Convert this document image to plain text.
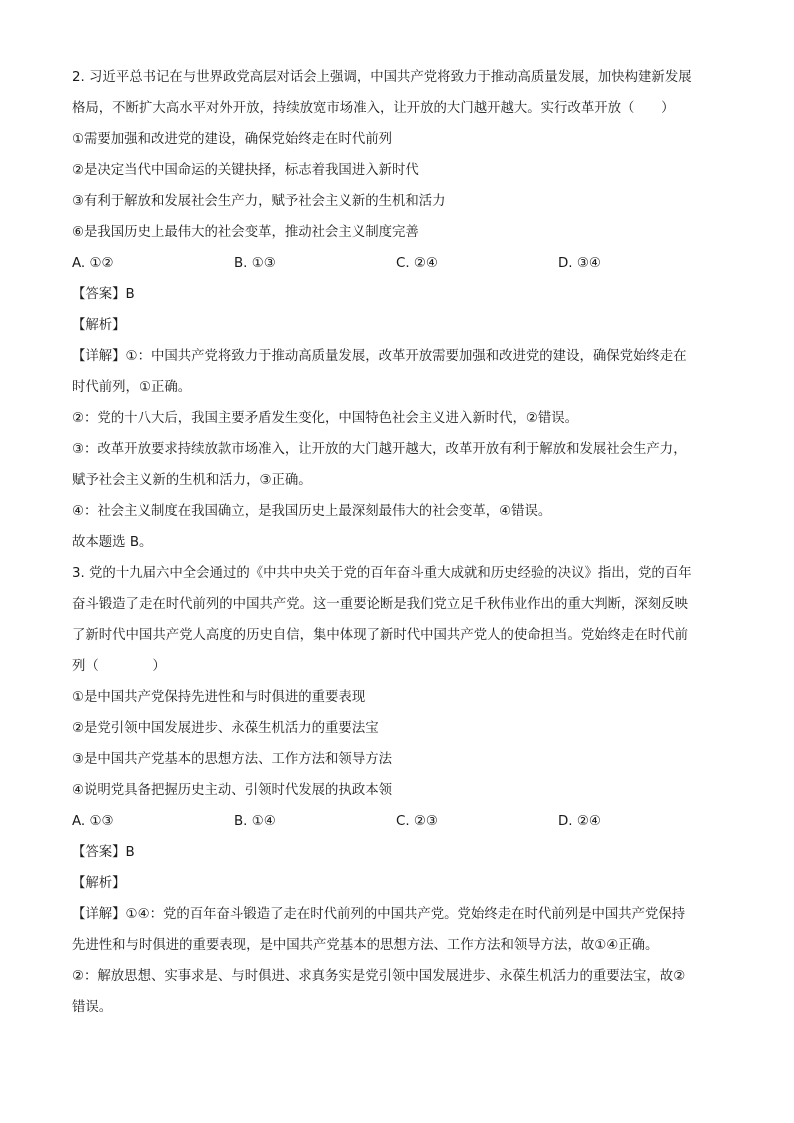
2. 习近平总书记在与世界政党高层对话会上强调，中国共产党将致力于推动高质量发展，加快构建新发展
格局，不断扩大高水平对外开放，持续放宽市场准入，让开放的大门越开越大。实行改革开放（　　）
①需要加强和改进党的建设，确保党始终走在时代前列
②是决定当代中国命运的关键抉择，标志着我国进入新时代
③有利于解放和发展社会生产力，赋予社会主义新的生机和活力
⑥是我国历史上最伟大的社会变革，推动社会主义制度完善
A. ①②	B. ①③	C. ②④	D. ③④
【答案】B
【解析】
【详解】①：中国共产党将致力于推动高质量发展，改革开放需要加强和改进党的建设，确保党始终走在
时代前列，①正确。
②：党的十八大后，我国主要矛盾发生变化，中国特色社会主义进入新时代，②错误。
③：改革开放要求持续放款市场准入，让开放的大门越开越大，改革开放有利于解放和发展社会生产力，
赋予社会主义新的生机和活力，③正确。
④：社会主义制度在我国确立，是我国历史上最深刻最伟大的社会变革，④错误。
故本题选 B。
3. 党的十九届六中全会通过的《中共中央关于党的百年奋斗重大成就和历史经验的决议》指出，党的百年
奋斗锻造了走在时代前列的中国共产党。这一重要论断是我们党立足千秋伟业作出的重大判断，深刻反映
了新时代中国共产党人高度的历史自信，集中体现了新时代中国共产党人的使命担当。党始终走在时代前
列（　　　　）
①是中国共产党保持先进性和与时俱进的重要表现
②是党引领中国发展进步、永葆生机活力的重要法宝
③是中国共产党基本的思想方法、工作方法和领导方法
④说明党具备把握历史主动、引领时代发展的执政本领
A. ①③	B. ①④	C. ②③	D. ②④
【答案】B
【解析】
【详解】①④：党的百年奋斗锻造了走在时代前列的中国共产党。党始终走在时代前列是中国共产党保持
先进性和与时俱进的重要表现，是中国共产党基本的思想方法、工作方法和领导方法，故①④正确。
②：解放思想、实事求是、与时俱进、求真务实是党引领中国发展进步、永葆生机活力的重要法宝，故②
错误。
